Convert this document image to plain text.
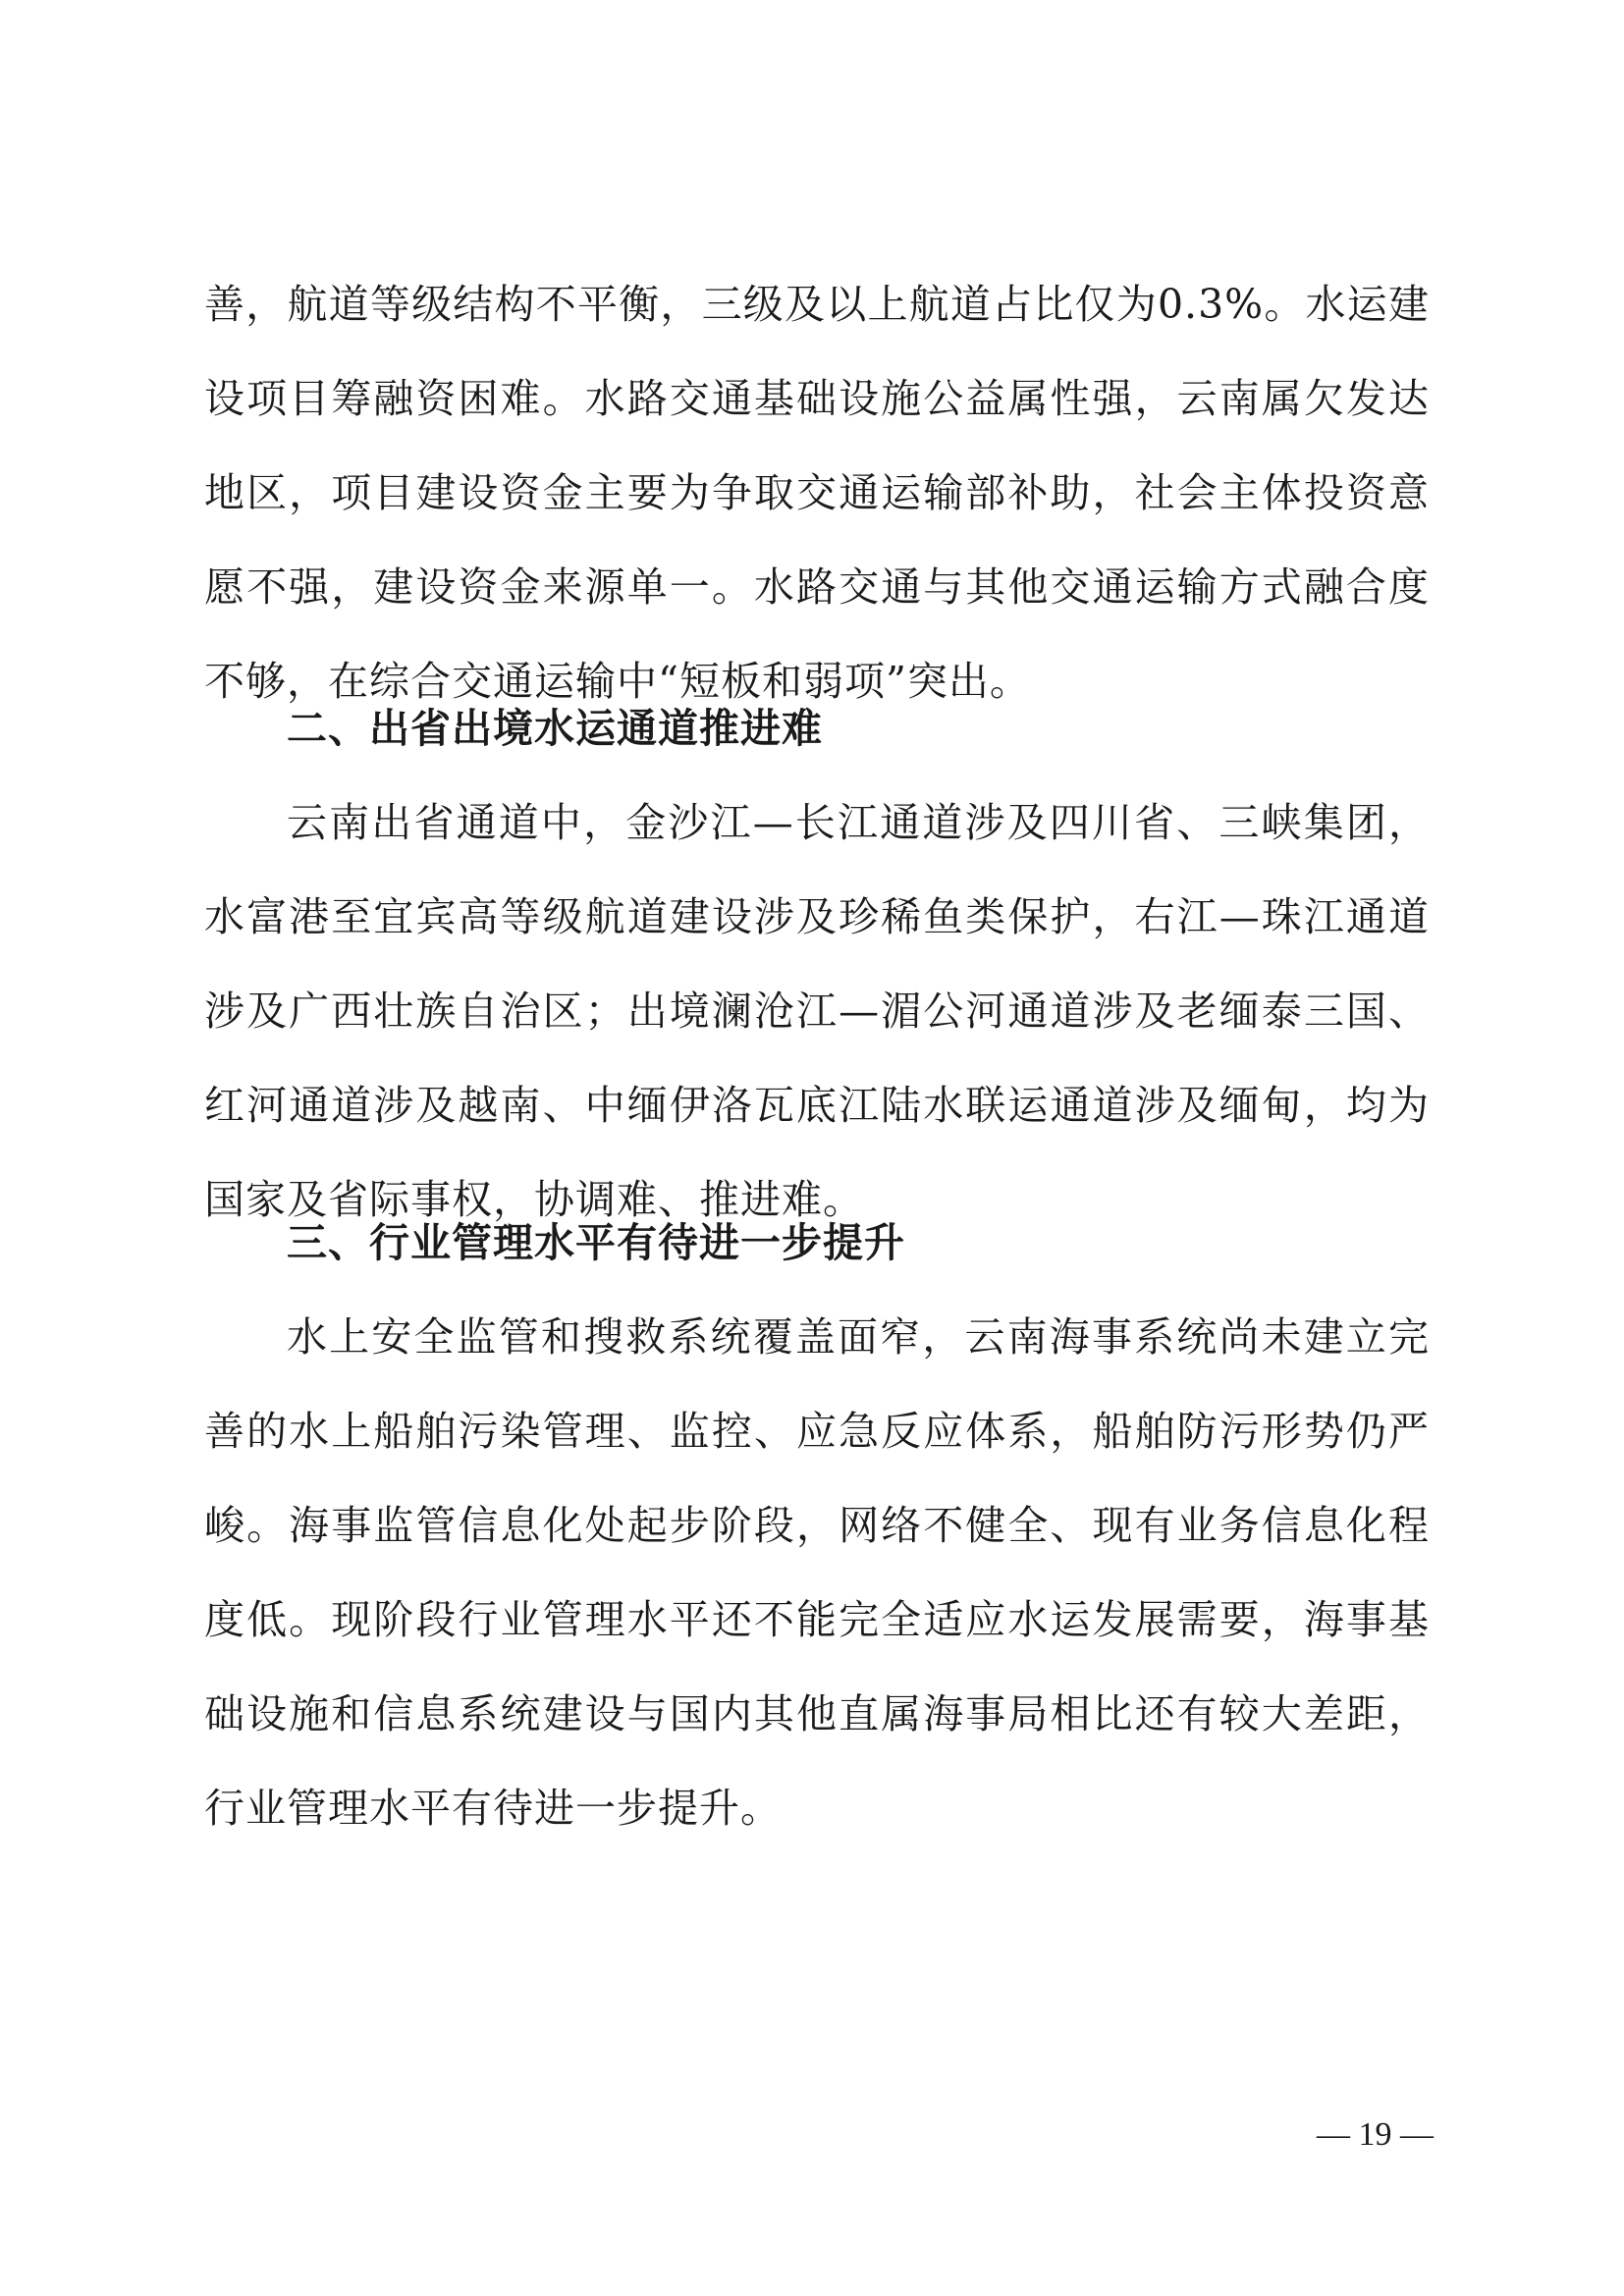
善，航道等级结构不平衡，三级及以上航道占比仅为0.3%。水运建设项目筹融资困难。水路交通基础设施公益属性强，云南属欠发达地区，项目建设资金主要为争取交通运输部补助，社会主体投资意愿不强，建设资金来源单一。水路交通与其他交通运输方式融合度不够，在综合交通运输中“短板和弱项”突出。

二、出省出境水运通道推进难

云南出省通道中，金沙江—长江通道涉及四川省、三峡集团，水富港至宜宾高等级航道建设涉及珍稀鱼类保护，右江—珠江通道涉及广西壮族自治区；出境澜沧江—湄公河通道涉及老缅泰三国、红河通道涉及越南、中缅伊洛瓦底江陆水联运通道涉及缅甸，均为国家及省际事权，协调难、推进难。

三、行业管理水平有待进一步提升

水上安全监管和搜救系统覆盖面窄，云南海事系统尚未建立完善的水上船舶污染管理、监控、应急反应体系，船舶防污形势仍严峻。海事监管信息化处起步阶段，网络不健全、现有业务信息化程度低。现阶段行业管理水平还不能完全适应水运发展需要，海事基础设施和信息系统建设与国内其他直属海事局相比还有较大差距，行业管理水平有待进一步提升。

— 19 —
